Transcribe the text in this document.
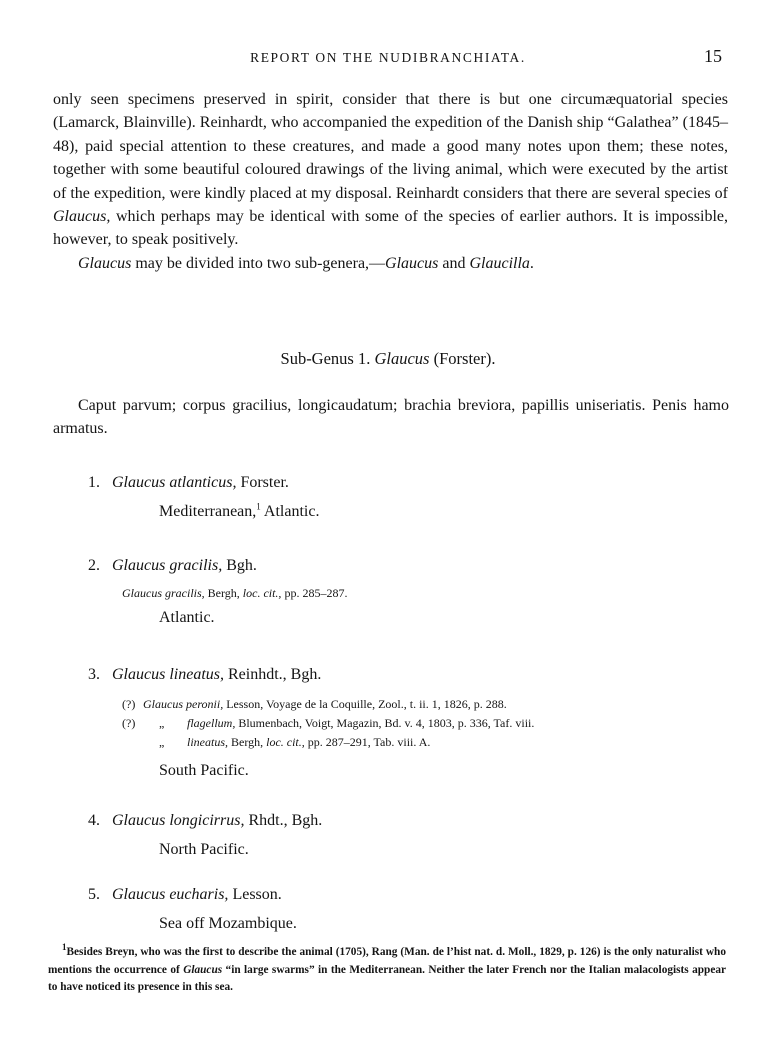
REPORT ON THE NUDIBRANCHIATA.	15

only seen specimens preserved in spirit, consider that there is but one circumæquatorial species (Lamarck, Blainville). Reinhardt, who accompanied the expedition of the Danish ship “Galathea” (1845–48), paid special attention to these creatures, and made a good many notes upon them; these notes, together with some beautiful coloured drawings of the living animal, which were executed by the artist of the expedition, were kindly placed at my disposal. Reinhardt considers that there are several species of Glaucus, which perhaps may be identical with some of the species of earlier authors. It is impossible, however, to speak positively.

Glaucus may be divided into two sub-genera,—Glaucus and Glaucilla.

Sub-Genus 1. Glaucus (Forster).

Caput parvum; corpus gracilius, longicaudatum; brachia breviora, papillis uniseriatis. Penis hamo armatus.

1. Glaucus atlanticus, Forster.
Mediterranean,$^1$ Atlantic.
2. Glaucus gracilis, Bgh.
Glaucus gracilis, Bergh, loc. cit., pp. 285–287.
Atlantic.
3. Glaucus lineatus, Reinhdt., Bgh.
(?) Glaucus peronii, Lesson, Voyage de la Coquille, Zool., t. ii. 1, 1826, p. 288.
(?) „ flagellum, Blumenbach, Voigt, Magazin, Bd. v. 4, 1803, p. 336, Taf. viii.
„ lineatus, Bergh, loc. cit., pp. 287–291, Tab. viii. A.
South Pacific.
4. Glaucus longicirrus, Rhdt., Bgh.
North Pacific.
5. Glaucus eucharis, Lesson.
Sea off Mozambique.

$^1$Besides Breyn, who was the first to describe the animal (1705), Rang (Man. de l’hist nat. d. Moll., 1829, p. 126) is the only naturalist who mentions the occurrence of Glaucus “in large swarms” in the Mediterranean. Neither the later French nor the Italian malacologists appear to have noticed its presence in this sea.
